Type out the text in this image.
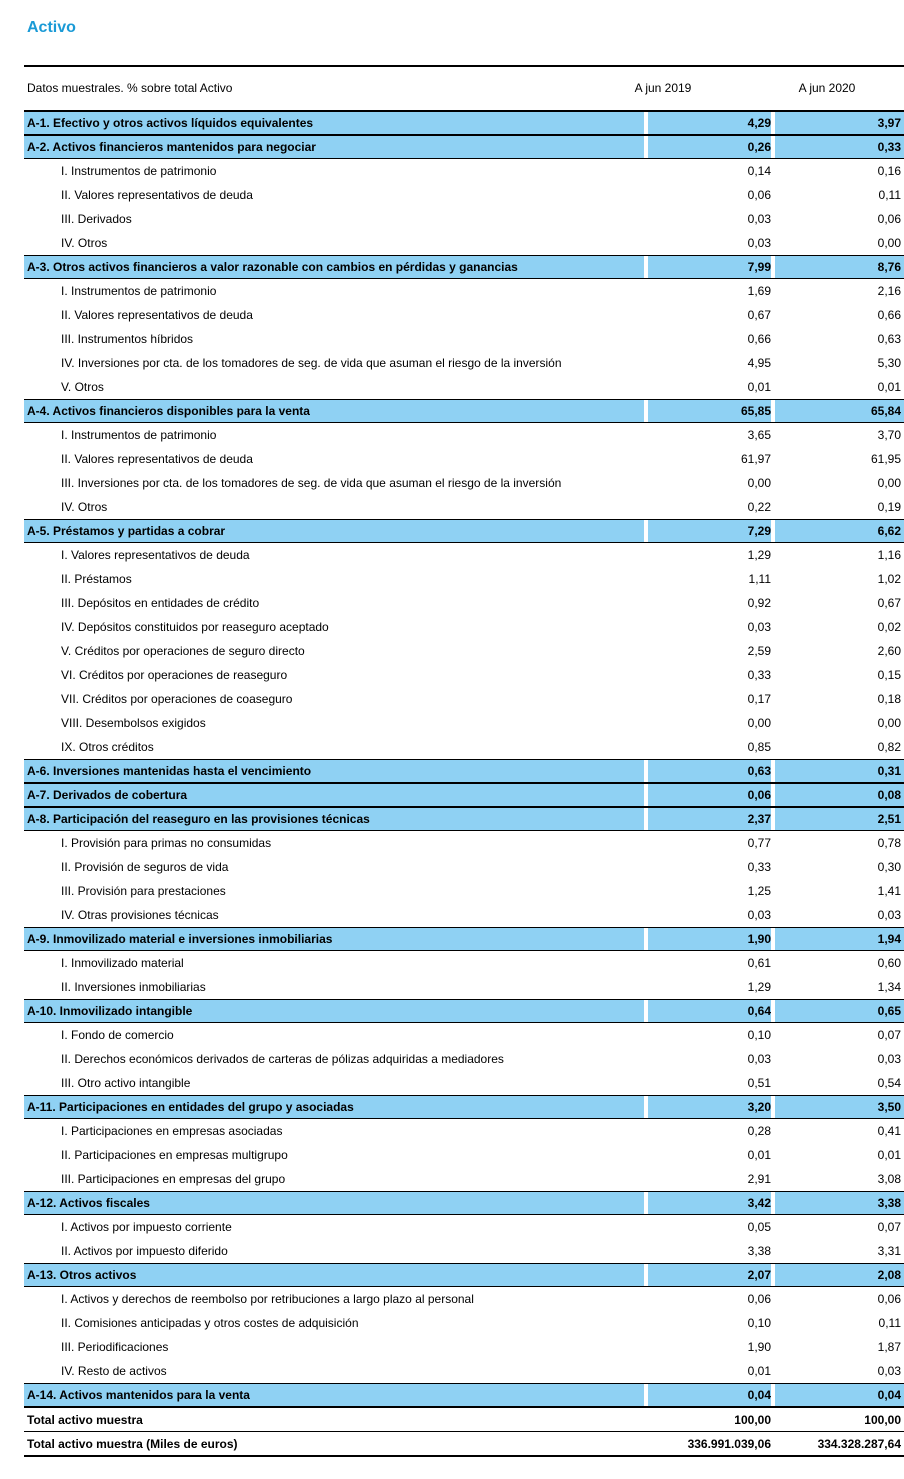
Activo
Datos muestrales. % sobre total Activo	A jun 2019	A jun 2020
A-1. Efectivo y otros activos líquidos equivalentes	4,29	3,97
A-2. Activos financieros mantenidos para negociar	0,26	0,33
I. Instrumentos de patrimonio	0,14	0,16
II. Valores representativos de deuda	0,06	0,11
III. Derivados	0,03	0,06
IV. Otros	0,03	0,00
A-3. Otros activos financieros a valor razonable con cambios en pérdidas y ganancias	7,99	8,76
I. Instrumentos de patrimonio	1,69	2,16
II. Valores representativos de deuda	0,67	0,66
III. Instrumentos híbridos	0,66	0,63
IV. Inversiones por cta. de los tomadores de seg. de vida que asuman el riesgo de la inversión	4,95	5,30
V. Otros	0,01	0,01
A-4. Activos financieros disponibles para la venta	65,85	65,84
I. Instrumentos de patrimonio	3,65	3,70
II. Valores representativos de deuda	61,97	61,95
III. Inversiones por cta. de los tomadores de seg. de vida que asuman el riesgo de la inversión	0,00	0,00
IV. Otros	0,22	0,19
A-5. Préstamos y partidas a cobrar	7,29	6,62
I. Valores representativos de deuda	1,29	1,16
II. Préstamos	1,11	1,02
III. Depósitos en entidades de crédito	0,92	0,67
IV. Depósitos constituidos por reaseguro aceptado	0,03	0,02
V. Créditos por operaciones de seguro directo	2,59	2,60
VI. Créditos por operaciones de reaseguro	0,33	0,15
VII. Créditos por operaciones de coaseguro	0,17	0,18
VIII. Desembolsos exigidos	0,00	0,00
IX. Otros créditos	0,85	0,82
A-6. Inversiones mantenidas hasta el vencimiento	0,63	0,31
A-7. Derivados de cobertura	0,06	0,08
A-8. Participación del reaseguro en las provisiones técnicas	2,37	2,51
I. Provisión para primas no consumidas	0,77	0,78
II. Provisión de seguros de vida	0,33	0,30
III. Provisión para prestaciones	1,25	1,41
IV. Otras provisiones técnicas	0,03	0,03
A-9. Inmovilizado material e inversiones inmobiliarias	1,90	1,94
I. Inmovilizado material	0,61	0,60
II. Inversiones inmobiliarias	1,29	1,34
A-10. Inmovilizado intangible	0,64	0,65
I. Fondo de comercio	0,10	0,07
II. Derechos económicos derivados de carteras de pólizas adquiridas a mediadores	0,03	0,03
III. Otro activo intangible	0,51	0,54
A-11. Participaciones en entidades del grupo y asociadas	3,20	3,50
I. Participaciones en empresas asociadas	0,28	0,41
II. Participaciones en empresas multigrupo	0,01	0,01
III. Participaciones en empresas del grupo	2,91	3,08
A-12. Activos fiscales	3,42	3,38
I. Activos por impuesto corriente	0,05	0,07
II. Activos por impuesto diferido	3,38	3,31
A-13. Otros activos	2,07	2,08
I. Activos y derechos de reembolso por retribuciones a largo plazo al personal	0,06	0,06
II. Comisiones anticipadas y otros costes de adquisición	0,10	0,11
III. Periodificaciones	1,90	1,87
IV. Resto de activos	0,01	0,03
A-14. Activos mantenidos para la venta	0,04	0,04
Total activo muestra	100,00	100,00
Total activo muestra (Miles de euros)	336.991.039,06	334.328.287,64
